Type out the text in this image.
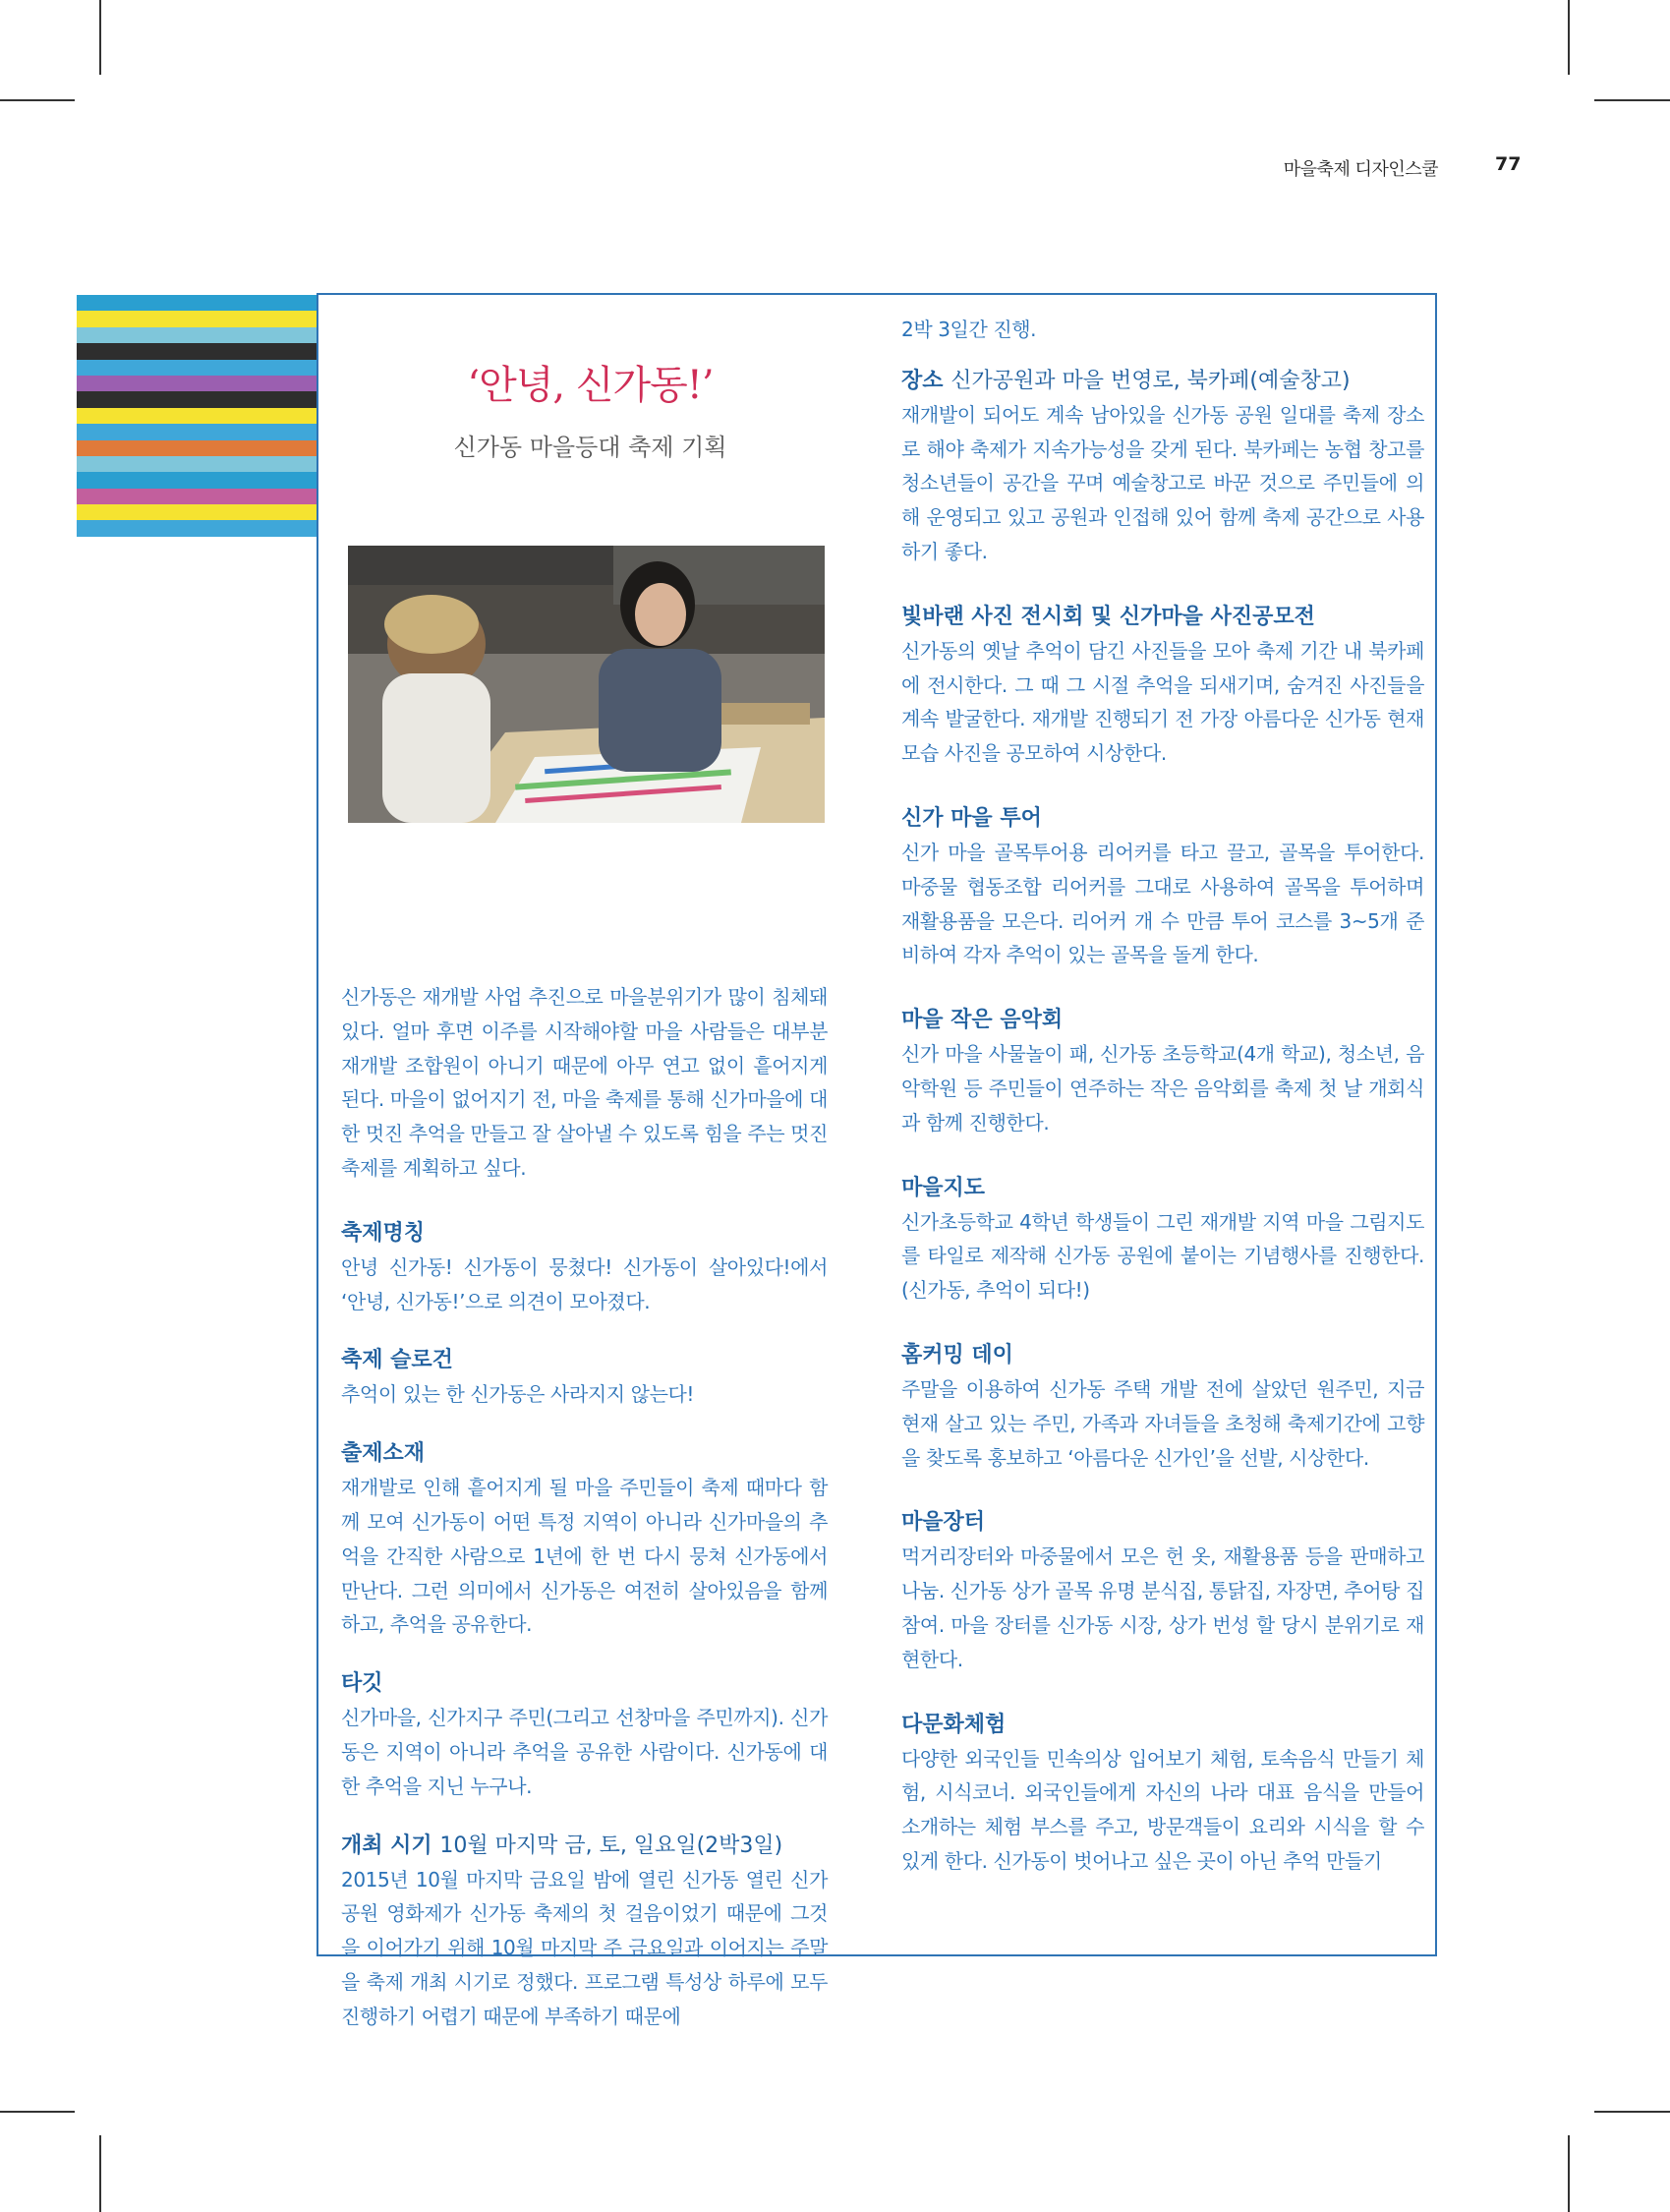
마을축제 디자인스쿨	77
‘안녕, 신가동!’
신가동 마을등대 축제 기획

신가동은 재개발 사업 추진으로 마을분위기가 많이 침체돼 있다. 얼마 후면 이주를 시작해야할 마을 사람들은 대부분 재개발 조합원이 아니기 때문에 아무 연고 없이 흩어지게 된다. 마을이 없어지기 전, 마을 축제를 통해 신가마을에 대한 멋진 추억을 만들고 잘 살아낼 수 있도록 힘을 주는 멋진 축제를 계획하고 싶다.

축제명칭

안녕 신가동! 신가동이 뭉쳤다! 신가동이 살아있다!에서 ‘안녕, 신가동!’으로 의견이 모아졌다.

축제 슬로건

추억이 있는 한 신가동은 사라지지 않는다!

출제소재

재개발로 인해 흩어지게 될 마을 주민들이 축제 때마다 함께 모여 신가동이 어떤 특정 지역이 아니라 신가마을의 추억을 간직한 사람으로 1년에 한 번 다시 뭉쳐 신가동에서 만난다. 그런 의미에서 신가동은 여전히 살아있음을 함께하고, 추억을 공유한다.

타깃

신가마을, 신가지구 주민(그리고 선창마을 주민까지). 신가동은 지역이 아니라 추억을 공유한 사람이다. 신가동에 대한 추억을 지닌 누구나.

개최 시기 10월 마지막 금, 토, 일요일(2박3일)

2015년 10월 마지막 금요일 밤에 열린 신가동 열린 신가공원 영화제가 신가동 축제의 첫 걸음이었기 때문에 그것을 이어가기 위해 10월 마지막 주 금요일과 이어지는 주말을 축제 개최 시기로 정했다. 프로그램 특성상 하루에 모두 진행하기 어렵기 때문에 부족하기 때문에

2박 3일간 진행.

장소 신가공원과 마을 번영로, 북카페(예술창고)

재개발이 되어도 계속 남아있을 신가동 공원 일대를 축제 장소로 해야 축제가 지속가능성을 갖게 된다. 북카페는 농협 창고를 청소년들이 공간을 꾸며 예술창고로 바꾼 것으로 주민들에 의해 운영되고 있고 공원과 인접해 있어 함께 축제 공간으로 사용하기 좋다.

빛바랜 사진 전시회 및 신가마을 사진공모전

신가동의 옛날 추억이 담긴 사진들을 모아 축제 기간 내 북카페에 전시한다. 그 때 그 시절 추억을 되새기며, 숨겨진 사진들을 계속 발굴한다. 재개발 진행되기 전 가장 아름다운 신가동 현재 모습 사진을 공모하여 시상한다.

신가 마을 투어

신가 마을 골목투어용 리어커를 타고 끌고, 골목을 투어한다. 마중물 협동조합 리어커를 그대로 사용하여 골목을 투어하며 재활용품을 모은다. 리어커 개 수 만큼 투어 코스를 3~5개 준비하여 각자 추억이 있는 골목을 돌게 한다.

마을 작은 음악회

신가 마을 사물놀이 패, 신가동 초등학교(4개 학교), 청소년, 음악학원 등 주민들이 연주하는 작은 음악회를 축제 첫 날 개회식과 함께 진행한다.

마을지도

신가초등학교 4학년 학생들이 그린 재개발 지역 마을 그림지도를 타일로 제작해 신가동 공원에 붙이는 기념행사를 진행한다.(신가동, 추억이 되다!)

홈커밍 데이

주말을 이용하여 신가동 주택 개발 전에 살았던 원주민, 지금 현재 살고 있는 주민, 가족과 자녀들을 초청해 축제기간에 고향을 찾도록 홍보하고 ‘아름다운 신가인’을 선발, 시상한다.

마을장터

먹거리장터와 마중물에서 모은 헌 옷, 재활용품 등을 판매하고 나눔. 신가동 상가 골목 유명 분식집, 통닭집, 자장면, 추어탕 집 참여. 마을 장터를 신가동 시장, 상가 번성 할 당시 분위기로 재현한다.

다문화체험

다양한 외국인들 민속의상 입어보기 체험, 토속음식 만들기 체험, 시식코너. 외국인들에게 자신의 나라 대표 음식을 만들어 소개하는 체험 부스를 주고, 방문객들이 요리와 시식을 할 수 있게 한다. 신가동이 벗어나고 싶은 곳이 아닌 추억 만들기
